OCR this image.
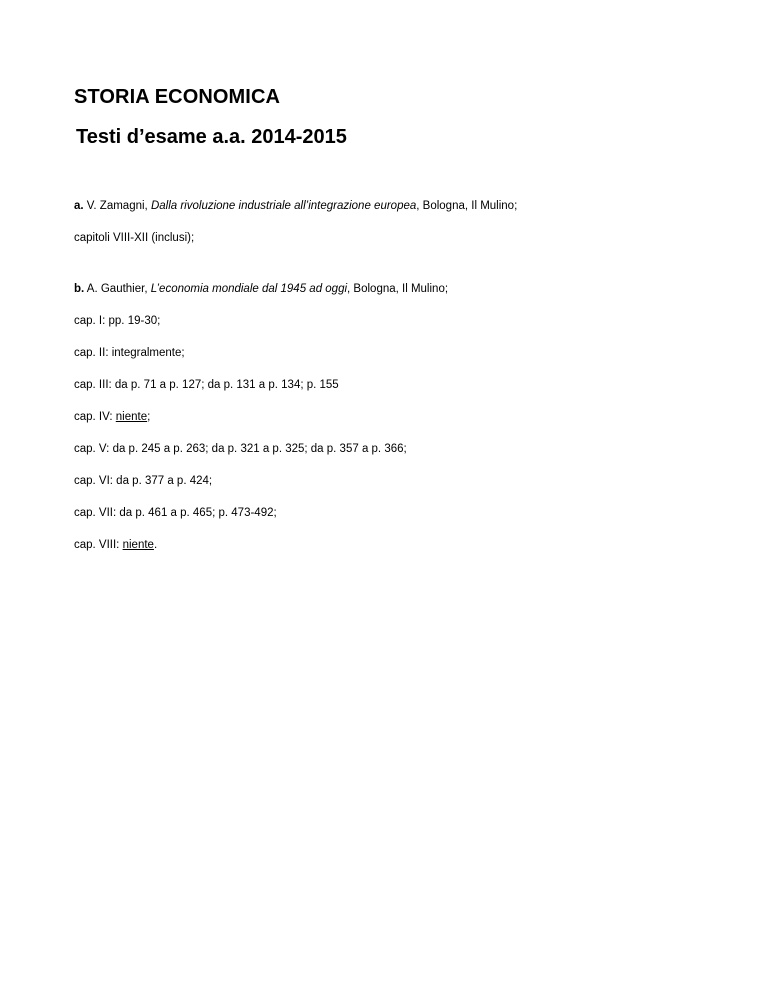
STORIA ECONOMICA
Testi d’esame a.a. 2014-2015
a. V. Zamagni, Dalla rivoluzione industriale all’integrazione europea, Bologna, Il Mulino;
capitoli VIII-XII (inclusi);
b. A. Gauthier, L’economia mondiale dal 1945 ad oggi, Bologna, Il Mulino;
cap. I: pp. 19-30;
cap. II: integralmente;
cap. III: da p. 71 a p. 127; da p. 131 a p. 134; p. 155
cap. IV: niente;
cap. V: da p. 245 a p. 263; da p. 321 a p. 325; da p. 357 a p. 366;
cap. VI: da p. 377 a p. 424;
cap. VII: da p. 461 a p. 465; p. 473-492;
cap. VIII: niente.
